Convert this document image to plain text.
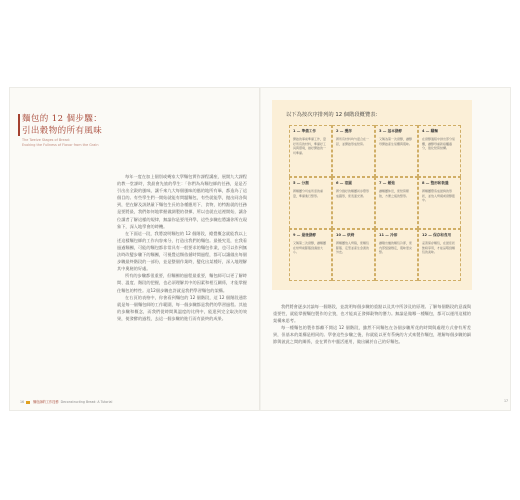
麵包的 12 個步驟：
引出穀物的所有風味
The Twelve Stages of Bread:
Evoking the Fullness of Flavor from the Grain

每年一度在加上個別或幾家大學麵包實作課程講座，展開九大課程的教一堂課時，我最會先旅的學生：「你們為為麵包師的任務，是是否引出出全穀的風味，讓千來九大每個風味的風的地所有畢，都造為了這個目的。有些學生們一開始就能有問題麵包，有些就能學，拋出同各與到，把在解及該熱量下麵包生長的各種應用下、食物，的特點就的任務是要將最，我們如何地掌握做調製的發揮，所以也就在這裡開始，讓各位讀者了解這樣的規律，無論你是要用到學，這些步驟也將讓你所在現象下，深入地學會的時機。

在下面這一段，我將說明麵包的 12 個階段，總覺概念就能我以上述這樣麵包師的工作內容來分，打造出我們的麵包。最後究竟，在我看過過麵團，可能的麵包都非常具有一般要求的麵包作業，也可以作到無法時改變步驟下的麵團，可視覺這類依循時間過程，都可以讓做出每個步驟最終階段的一部份，並是整個作業時，變化出某種好，深入地理解其中奧秘的好處。

所有的步驟都很重要，但麵團的過程最重要，麵包師可以更了解時間、溫度、階段的把握，也必須理解其中的因素和相互關係，才能掌握住麵包的特性。這12個步驟也許就是我們學習麵包的架構。

在右頁的表格中，你會看到麵包的 12 個階段，這 12 個階段通常就是每一個麵包師的工作範圍，每一個步驟都是我們的學習過程。其他的步驟和概念，而我們從時間與溫度的比例中，能達到完全取決的效果，使發酵的過程，去這一個步驟的進行而有最終的成果。

16	麵包師的工作技藝 Deconstructing Bread: A Tutorial
以下為按次序排列的 12 個階段概覽表：
1 — 準備工作
開始的事前準備工作，量好所有的材料，準備好工具與環境，做好開始的一切準備。
2 — 攪拌
將所有材料均勻混合在一起，並開始形成麩質。
3 — 基本發酵
又稱為第一次發酵，讓酵母開始產生氣體與風味。
4 — 翻麵
在發酵過程中排出部分氣體，讓酵母重新接觸養分，強化麩質結構。
5 — 分割
將麵團分切成所需的重量，準備進行整形。
6 — 滾圓
將分割好的麵團初步塑形成圓形，使表面光滑。
7 — 鬆弛
讓麵團休息，使麩質鬆弛，方便之後的整形。
8 — 整形和裝盤
將麵團塑造成最終的形狀，並放入烤模或發酵籃中。
9 — 最後發酵
又稱第二次發酵，讓麵團在烘烤前膨脹到適當大小。
10 — 烘烤
將麵團放入烤箱，使麵包膨脹、定型並產生金黃的外皮。
11 — 冷卻
讓剛出爐的麵包冷卻，使內部組織穩定，風味更完整。
12 — 保存和食用
妥善保存麵包，在最佳狀態時享用，才能品嚐到麵包的美味。

我們將會逐步討論每一個階段，並說明每個步驟的重點以及其中所涉及的原理。了解每個階段的意義與重要性，就能掌握麵包製作的全貌，也才能真正發揮穀物的潛力。無論是做哪一種麵包，都可以運用這樣的架構來思考。

每一種麵包的製作都離不開這 12 個階段，雖然不同麵包在各個步驟所花的時間與處理方式會有所差異，但基本的架構是相同的。學會這些步驟之後，你就能以更有系統的方式來製作麵包，理解每個步驟的細節與彼此之間的關係，並在實作中靈活運用，做出屬於自己的好麵包。

17
